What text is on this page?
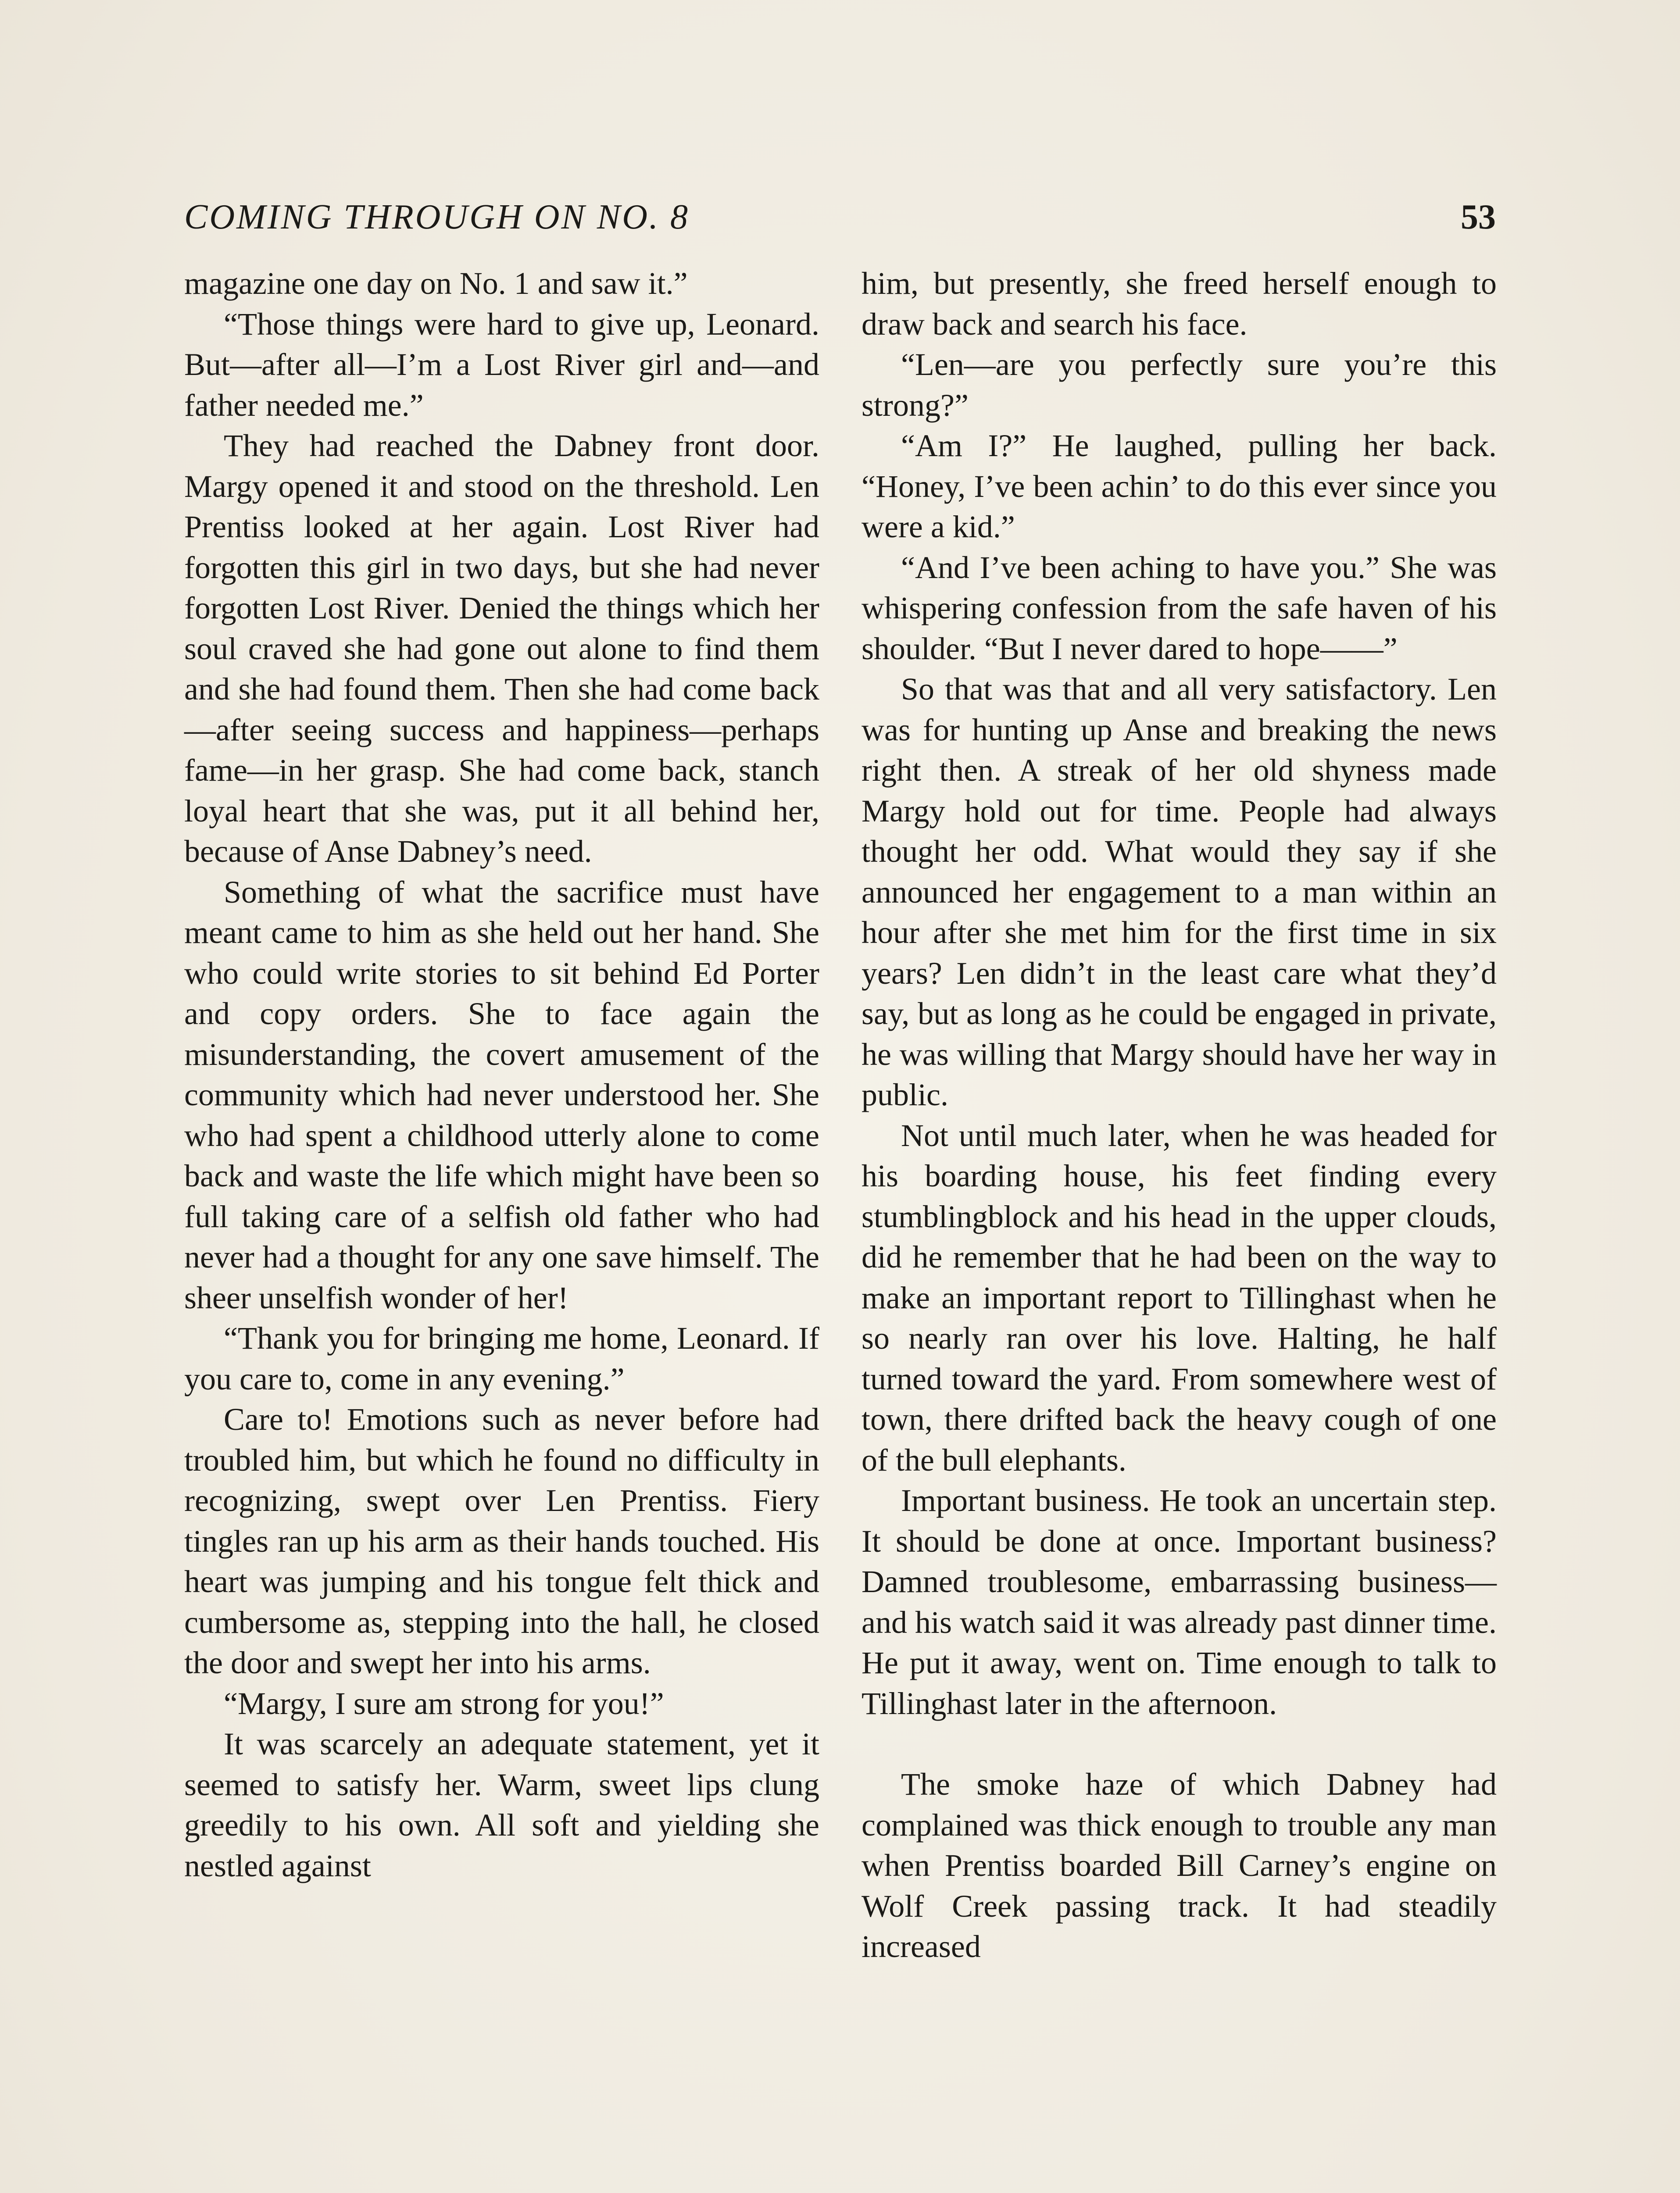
COMING THROUGH ON NO. 8	53

magazine one day on No. 1 and saw it.”

“Those things were hard to give up, Leonard. But—after all—I’m a Lost River girl and—and father needed me.”

They had reached the Dabney front door. Margy opened it and stood on the threshold. Len Prentiss looked at her again. Lost River had forgotten this girl in two days, but she had never forgotten Lost River. Denied the things which her soul craved she had gone out alone to find them and she had found them. Then she had come back—after seeing success and happiness—perhaps fame—in her grasp. She had come back, stanch loyal heart that she was, put it all behind her, because of Anse Dabney’s need.

Something of what the sacrifice must have meant came to him as she held out her hand. She who could write stories to sit behind Ed Porter and copy orders. She to face again the misunderstanding, the covert amusement of the community which had never understood her. She who had spent a childhood utterly alone to come back and waste the life which might have been so full taking care of a selfish old father who had never had a thought for any one save himself. The sheer unselfish wonder of her!

“Thank you for bringing me home, Leonard. If you care to, come in any evening.”

Care to! Emotions such as never before had troubled him, but which he found no difficulty in recognizing, swept over Len Prentiss. Fiery tingles ran up his arm as their hands touched. His heart was jumping and his tongue felt thick and cumbersome as, stepping into the hall, he closed the door and swept her into his arms.

“Margy, I sure am strong for you!”

It was scarcely an adequate statement, yet it seemed to satisfy her. Warm, sweet lips clung greedily to his own. All soft and yielding she nestled against

him, but presently, she freed herself enough to draw back and search his face.

“Len—are you perfectly sure you’re this strong?”

“Am I?” He laughed, pulling her back. “Honey, I’ve been achin’ to do this ever since you were a kid.”

“And I’ve been aching to have you.” She was whispering confession from the safe haven of his shoulder. “But I never dared to hope——”

So that was that and all very satisfactory. Len was for hunting up Anse and breaking the news right then. A streak of her old shyness made Margy hold out for time. People had always thought her odd. What would they say if she announced her engagement to a man within an hour after she met him for the first time in six years? Len didn’t in the least care what they’d say, but as long as he could be engaged in private, he was willing that Margy should have her way in public.

Not until much later, when he was headed for his boarding house, his feet finding every stumblingblock and his head in the upper clouds, did he remember that he had been on the way to make an important report to Tillinghast when he so nearly ran over his love. Halting, he half turned toward the yard. From somewhere west of town, there drifted back the heavy cough of one of the bull elephants.

Important business. He took an uncertain step. It should be done at once. Important business? Damned troublesome, embarrassing business—and his watch said it was already past dinner time. He put it away, went on. Time enough to talk to Tillinghast later in the afternoon.

The smoke haze of which Dabney had complained was thick enough to trouble any man when Prentiss boarded Bill Carney’s engine on Wolf Creek passing track. It had steadily increased
